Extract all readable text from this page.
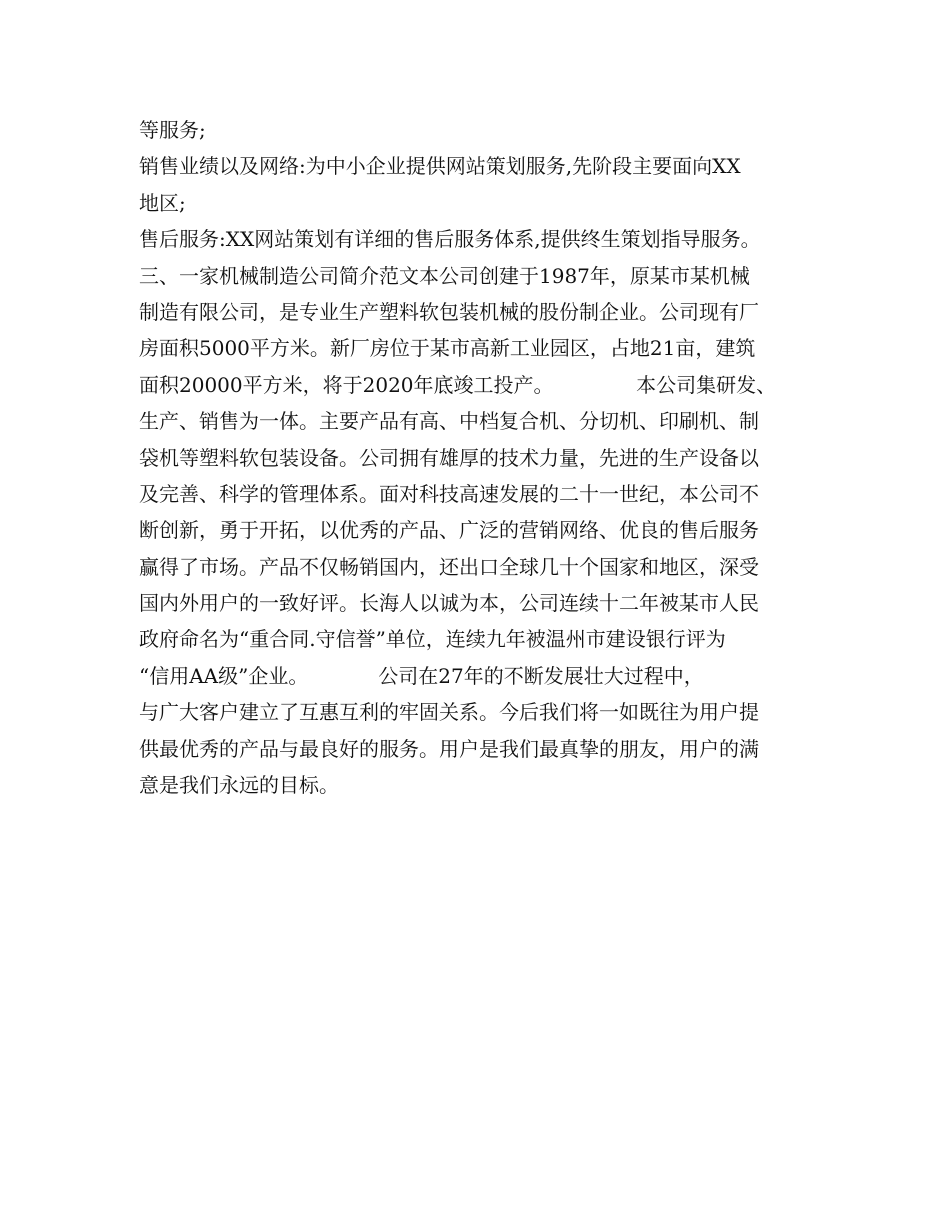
等服务;
销售业绩以及网络:为中小企业提供网站策划服务,先阶段主要面向XX
地区;
售后服务:XX网站策划有详细的售后服务体系,提供终生策划指导服务。
三、一家机械制造公司简介范文本公司创建于1987年，原某市某机械
制造有限公司，是专业生产塑料软包装机械的股份制企业。公司现有厂
房面积5000平方米。新厂房位于某市高新工业园区，占地21亩，建筑
面积20000平方米，将于2020年底竣工投产。             本公司集研发、
生产、销售为一体。主要产品有高、中档复合机、分切机、印刷机、制
袋机等塑料软包装设备。公司拥有雄厚的技术力量，先进的生产设备以
及完善、科学的管理体系。面对科技高速发展的二十一世纪，本公司不
断创新，勇于开拓，以优秀的产品、广泛的营销网络、优良的售后服务
赢得了市场。产品不仅畅销国内，还出口全球几十个国家和地区，深受
国内外用户的一致好评。长海人以诚为本，公司连续十二年被某市人民
政府命名为“重合同.守信誉”单位，连续九年被温州市建设银行评为
“信用AA级”企业。           公司在27年的不断发展壮大过程中，
与广大客户建立了互惠互利的牢固关系。今后我们将一如既往为用户提
供最优秀的产品与最良好的服务。用户是我们最真挚的朋友，用户的满
意是我们永远的目标。
